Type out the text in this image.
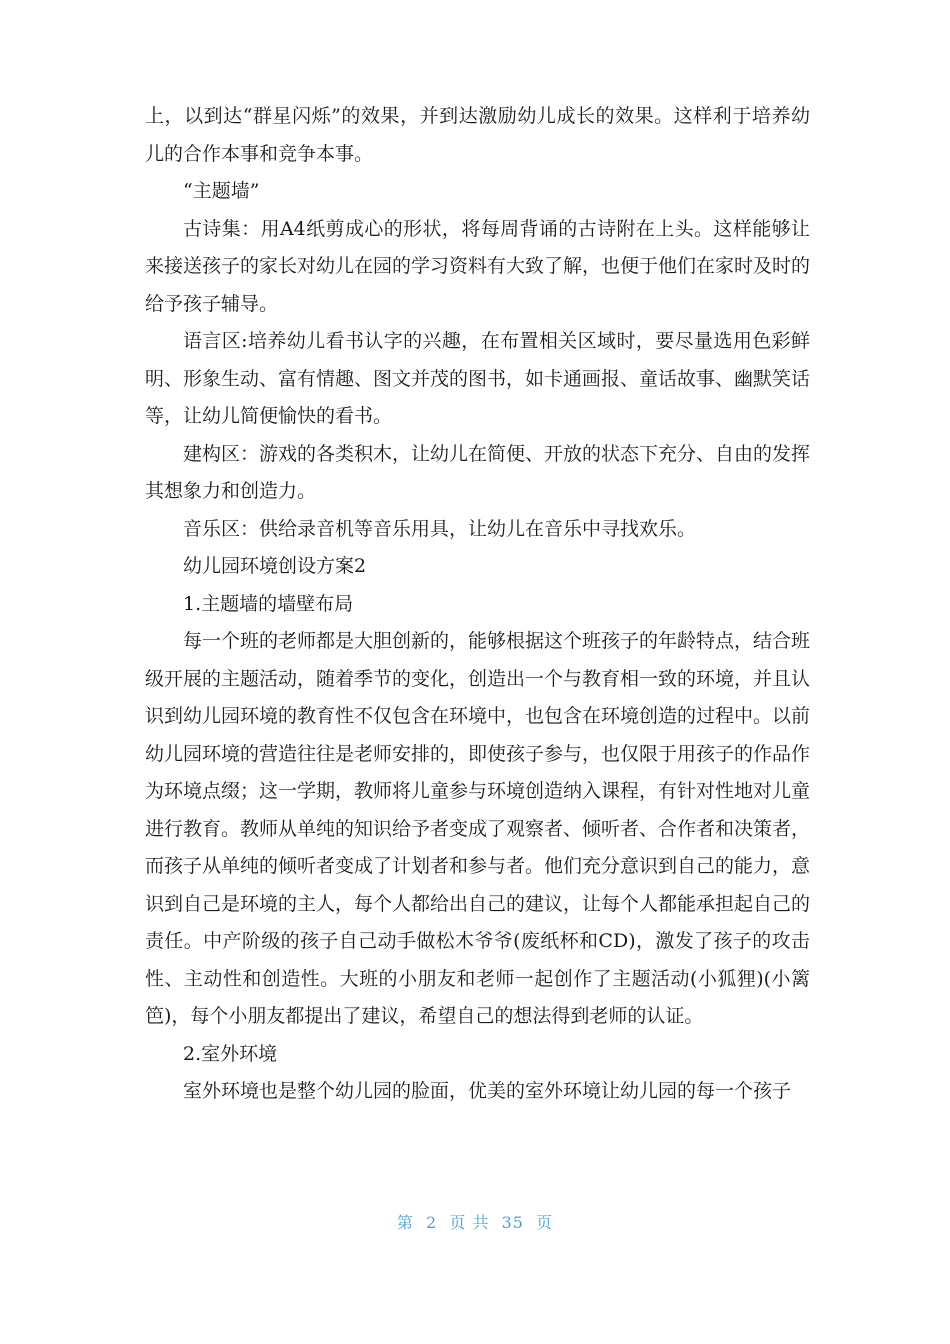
上，以到达“群星闪烁”的效果，并到达激励幼儿成长的效果。这样利于培养幼儿的合作本事和竞争本事。

“主题墙”

古诗集：用A4纸剪成心的形状，将每周背诵的古诗附在上头。这样能够让来接送孩子的家长对幼儿在园的学习资料有大致了解，也便于他们在家时及时的给予孩子辅导。

语言区:培养幼儿看书认字的兴趣，在布置相关区域时，要尽量选用色彩鲜明、形象生动、富有情趣、图文并茂的图书，如卡通画报、童话故事、幽默笑话等，让幼儿简便愉快的看书。

建构区：游戏的各类积木，让幼儿在简便、开放的状态下充分、自由的发挥其想象力和创造力。

音乐区：供给录音机等音乐用具，让幼儿在音乐中寻找欢乐。

幼儿园环境创设方案2

1.主题墙的墙壁布局

每一个班的老师都是大胆创新的，能够根据这个班孩子的年龄特点，结合班级开展的主题活动，随着季节的变化，创造出一个与教育相一致的环境，并且认识到幼儿园环境的教育性不仅包含在环境中，也包含在环境创造的过程中。以前幼儿园环境的营造往往是老师安排的，即使孩子参与，也仅限于用孩子的作品作为环境点缀；这一学期，教师将儿童参与环境创造纳入课程，有针对性地对儿童进行教育。教师从单纯的知识给予者变成了观察者、倾听者、合作者和决策者，而孩子从单纯的倾听者变成了计划者和参与者。他们充分意识到自己的能力，意识到自己是环境的主人，每个人都给出自己的建议，让每个人都能承担起自己的责任。中产阶级的孩子自己动手做松木爷爷(废纸杯和CD)，激发了孩子的攻击性、主动性和创造性。大班的小朋友和老师一起创作了主题活动(小狐狸)(小篱笆)，每个小朋友都提出了建议，希望自己的想法得到老师的认证。

2.室外环境

室外环境也是整个幼儿园的脸面，优美的室外环境让幼儿园的每一个孩子

第  2  页 共  35  页
